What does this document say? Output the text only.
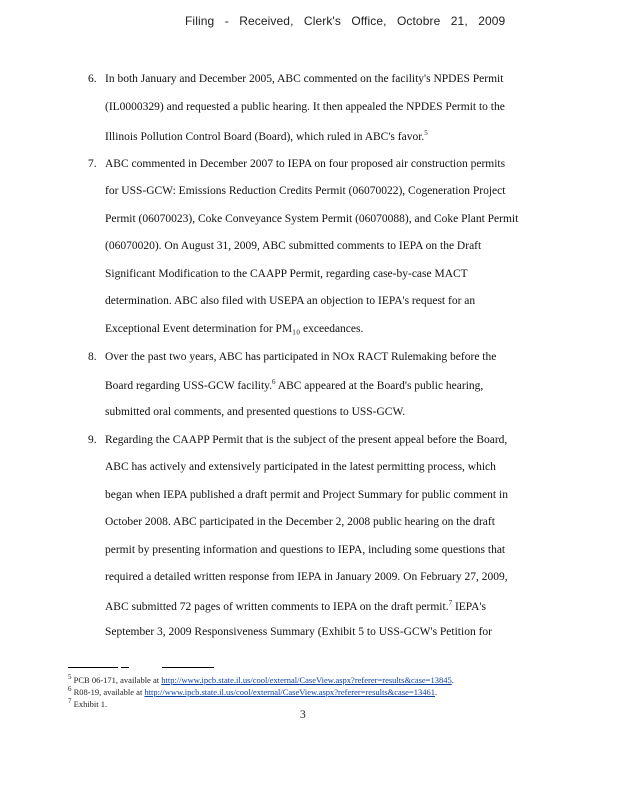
Filing - Received, Clerk's Office, Octobre 21, 2009
6. In both January and December 2005, ABC commented on the facility's NPDES Permit
(IL0000329) and requested a public hearing. It then appealed the NPDES Permit to the
Illinois Pollution Control Board (Board), which ruled in ABC's favor.$^5$
7. ABC commented in December 2007 to IEPA on four proposed air construction permits
for USS-GCW: Emissions Reduction Credits Permit (06070022), Cogeneration Project
Permit (06070023), Coke Conveyance System Permit (06070088), and Coke Plant Permit
(06070020). On August 31, 2009, ABC submitted comments to IEPA on the Draft
Significant Modification to the CAAPP Permit, regarding case-by-case MACT
determination. ABC also filed with USEPA an objection to IEPA's request for an
Exceptional Event determination for PM₁₀ exceedances.
8. Over the past two years, ABC has participated in NOx RACT Rulemaking before the
Board regarding USS-GCW facility.$^6$ ABC appeared at the Board's public hearing,
submitted oral comments, and presented questions to USS-GCW.
9. Regarding the CAAPP Permit that is the subject of the present appeal before the Board,
ABC has actively and extensively participated in the latest permitting process, which
began when IEPA published a draft permit and Project Summary for public comment in
October 2008. ABC participated in the December 2, 2008 public hearing on the draft
permit by presenting information and questions to IEPA, including some questions that
required a detailed written response from IEPA in January 2009. On February 27, 2009,
ABC submitted 72 pages of written comments to IEPA on the draft permit.$^7$ IEPA's
September 3, 2009 Responsiveness Summary (Exhibit 5 to USS-GCW's Petition for
$^5$ PCB 06-171, available at http://www.ipcb.state.il.us/cool/external/CaseView.aspx?referer=results&case=13845.
$^6$ R08-19, available at http://www.ipcb.state.il.us/cool/external/CaseView.aspx?referer=results&case=13461.
$^7$ Exhibit 1.
3
